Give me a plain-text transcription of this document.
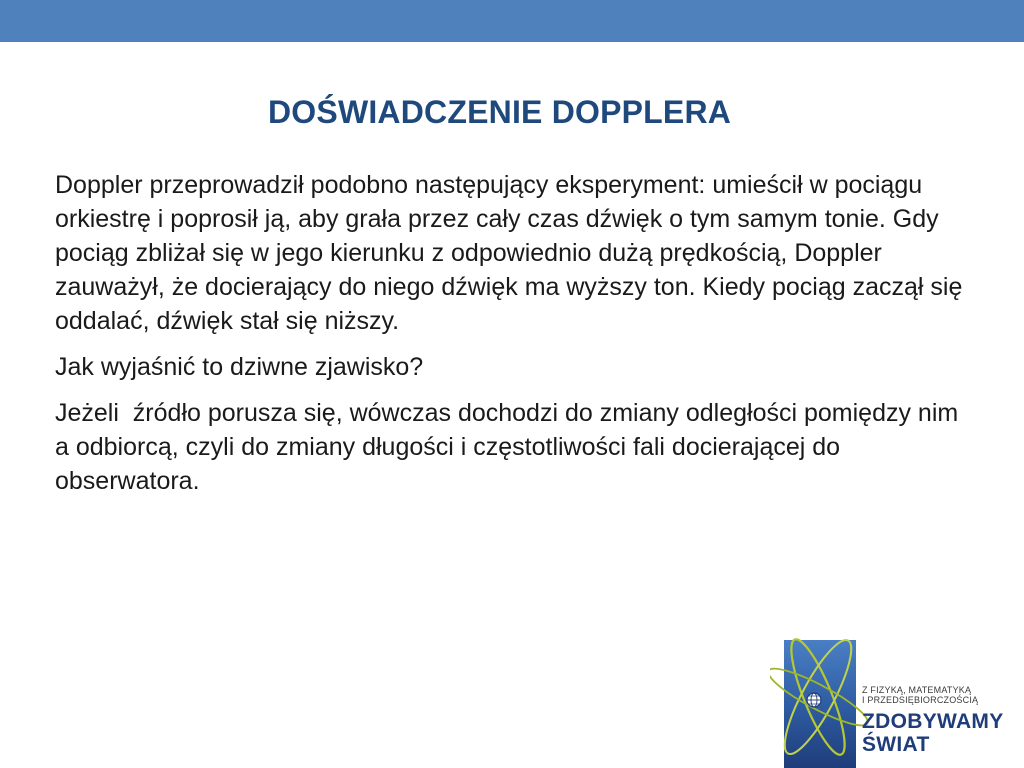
DOŚWIADCZENIE DOPPLERA

Doppler przeprowadził podobno następujący eksperyment: umieścił w pociągu orkiestrę i poprosił ją, aby grała przez cały czas dźwięk o tym samym tonie. Gdy pociąg zbliżał się w jego kierunku z odpowiednio dużą prędkością, Doppler zauważył, że docierający do niego dźwięk ma wyższy ton. Kiedy pociąg zaczął się oddalać, dźwięk stał się niższy.

Jak wyjaśnić to dziwne zjawisko?

Jeżeli  źródło porusza się, wówczas dochodzi do zmiany odległości pomiędzy nim a odbiorcą, czyli do zmiany długości i częstotliwości fali docierającej do obserwatora.

Z FIZYKĄ, MATEMATYKĄ
I PRZEDSIĘBIORCZOŚCIĄ
ZDOBYWAMY
ŚWIAT
